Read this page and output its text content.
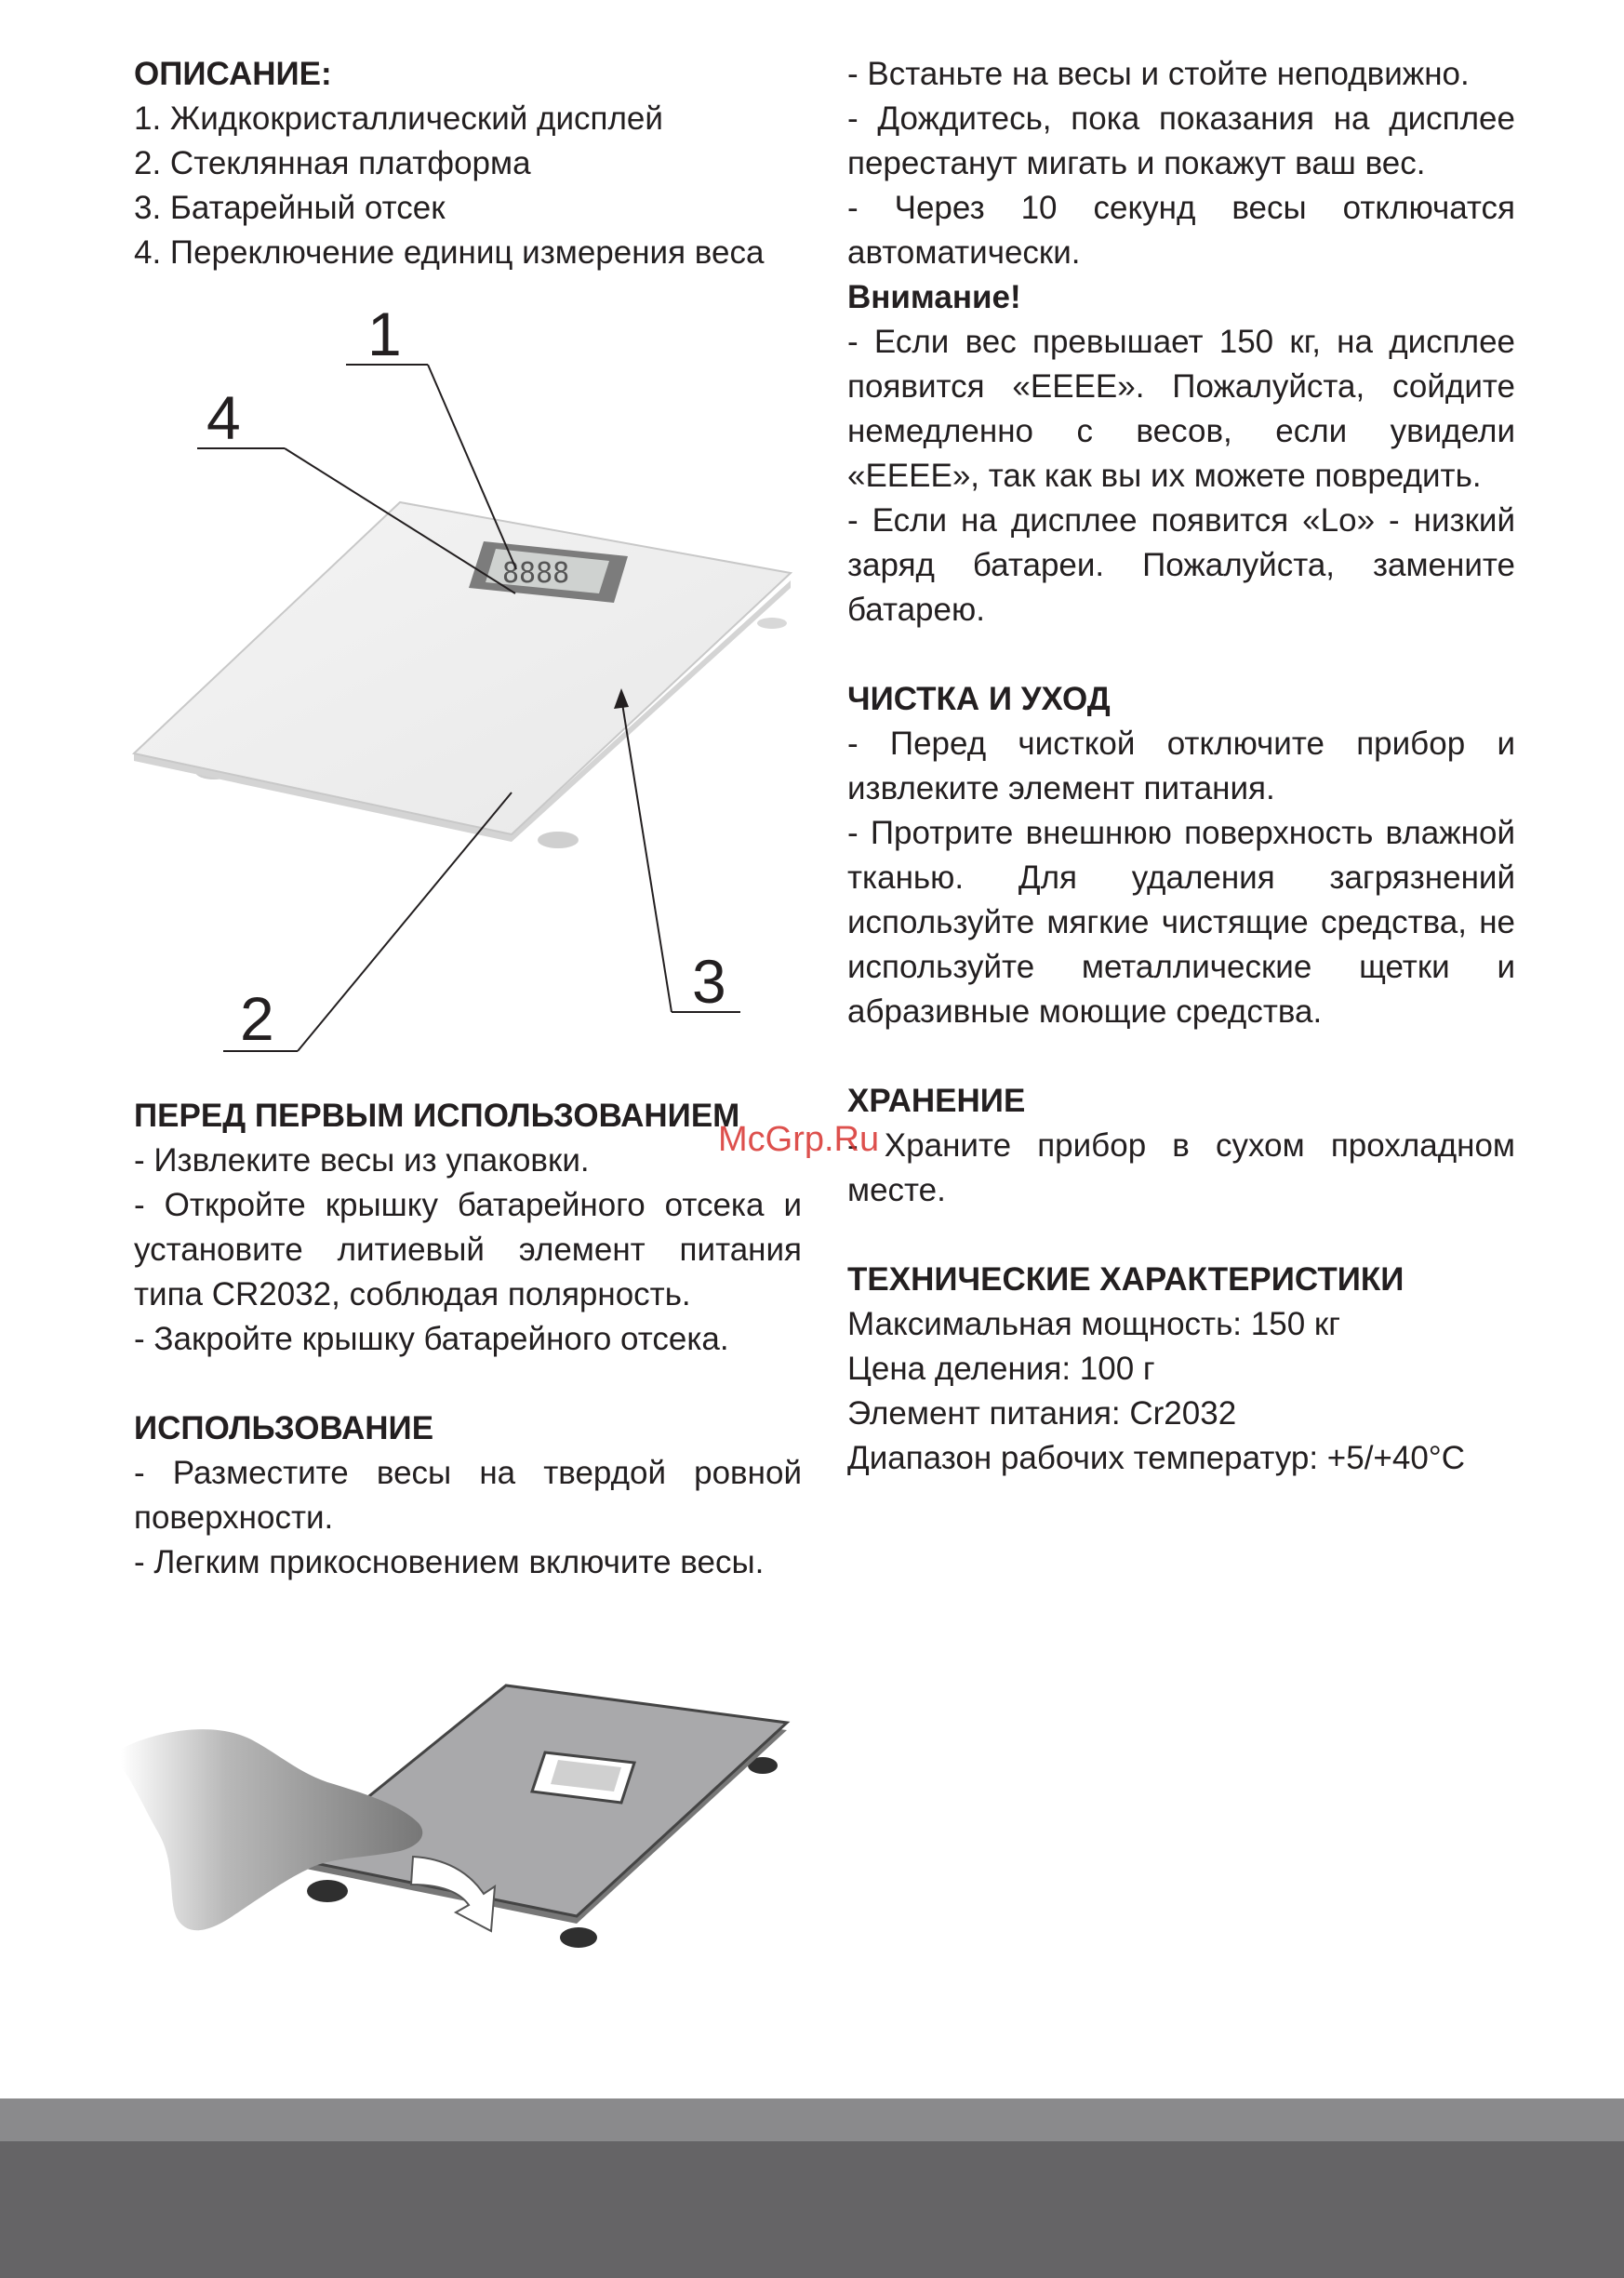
ОПИСАНИЕ:

1. Жидкокристаллический дисплей

2. Стеклянная платформа

3. Батарейный отсек

4. Переключение единиц измерения веса

ПЕРЕД ПЕРВЫМ ИСПОЛЬЗОВАНИЕМ

- Извлеките весы из упаковки.

- Откройте крышку батарейного отсека и установите литиевый элемент питания типа CR2032, соблюдая полярность.

- Закройте крышку батарейного отсека.

ИСПОЛЬЗОВАНИЕ

- Разместите весы на твердой ровной поверхности.

- Легким прикосновением включите весы.

- Встаньте на весы и стойте неподвижно.

- Дождитесь, пока показания на дисплее перестанут мигать и покажут ваш вес.

- Через 10 секунд весы отключатся автоматически.

Внимание!

- Если вес превышает 150 кг, на дисплее появится «EEEE». Пожалуйста, сойдите немедленно с весов, если увидели «EEEE», так как вы их можете повредить.

- Если на дисплее появится «Lo» - низкий заряд батареи. Пожалуйста, замените батарею.

ЧИСТКА И УХОД

- Перед чисткой отключите прибор и извлеките элемент питания.

- Протрите внешнюю поверхность влажной тканью. Для удаления загрязнений используйте мягкие чистящие средства, не используйте металлические щетки и абразивные моющие средства.

ХРАНЕНИЕ

- Храните прибор в сухом прохладном месте.

ТЕХНИЧЕСКИЕ ХАРАКТЕРИСТИКИ

Максимальная мощность: 150 кг

Цена деления: 100 г

Элемент питания: Cr2032

Диапазон рабочих температур: +5/+40°C

8888
1
4
2
3
McGrp.Ru
